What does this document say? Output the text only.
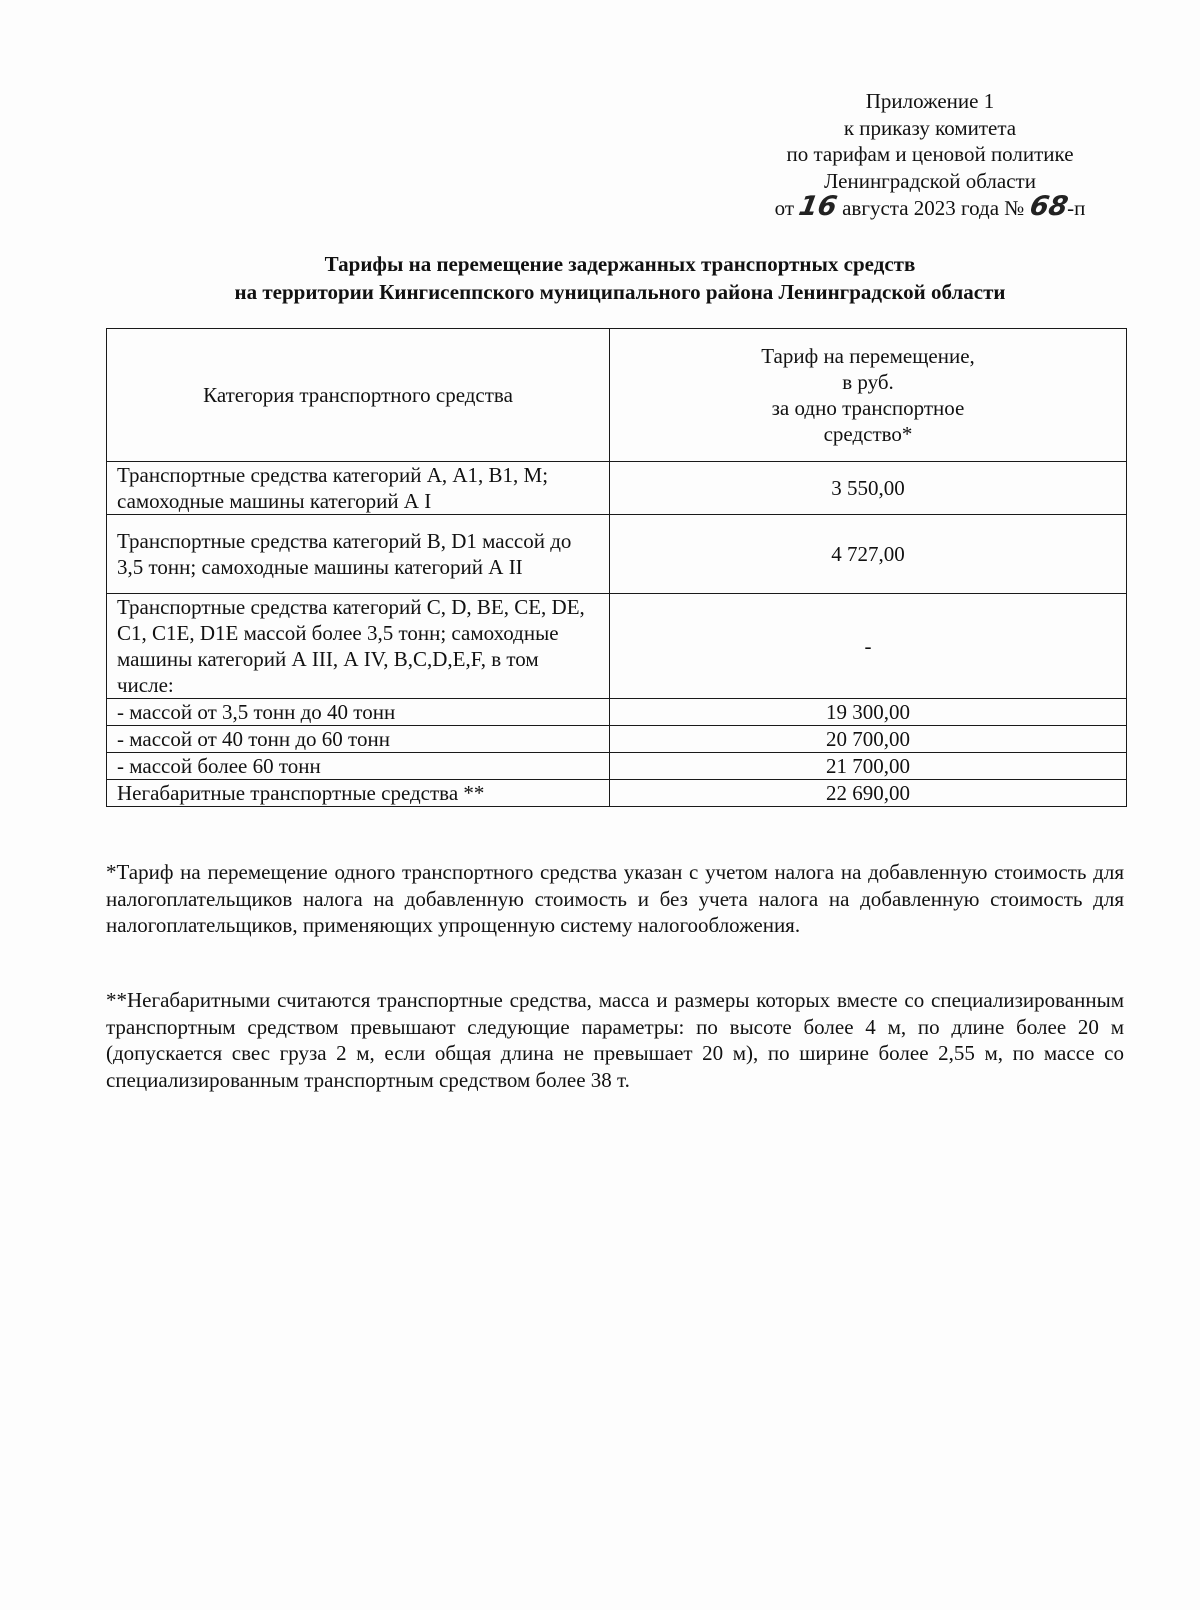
Приложение 1
к приказу комитета
по тарифам и ценовой политике
Ленинградской области
от 16 августа 2023 года № 68-п
Тарифы на перемещение задержанных транспортных средств
на территории Кингисеппского муниципального района Ленинградской области
Категория транспортного средства	Тариф на перемещение,
в руб.
за одно транспортное
средство*

Транспортные средства категорий А, А1, В1, М; самоходные машины категорий А I	3 550,00
Транспортные средства категорий В, D1 массой до 3,5 тонн; самоходные машины категорий А II	4 727,00
Транспортные средства категорий С, D, ВЕ, СЕ, DE, С1, С1Е, D1E массой более 3,5 тонн; самоходные машины категорий А III, А IV, В,С,D,E,F, в том числе:	-
- массой от 3,5 тонн до 40 тонн	19 300,00
- массой от 40 тонн до 60 тонн	20 700,00
- массой более 60 тонн	21 700,00
Негабаритные транспортные средства **	22 690,00

*Тариф на перемещение одного транспортного средства указан с учетом налога на добавленную стоимость для налогоплательщиков налога на добавленную стоимость и без учета налога на добавленную стоимость для налогоплательщиков, применяющих упрощенную систему налогообложения.

**Негабаритными считаются транспортные средства, масса и размеры которых вместе со специализированным транспортным средством превышают следующие параметры: по высоте более 4 м, по длине более 20 м (допускается свес груза 2 м, если общая длина не превышает 20 м), по ширине более 2,55 м, по массе со специализированным транспортным средством более 38 т.
